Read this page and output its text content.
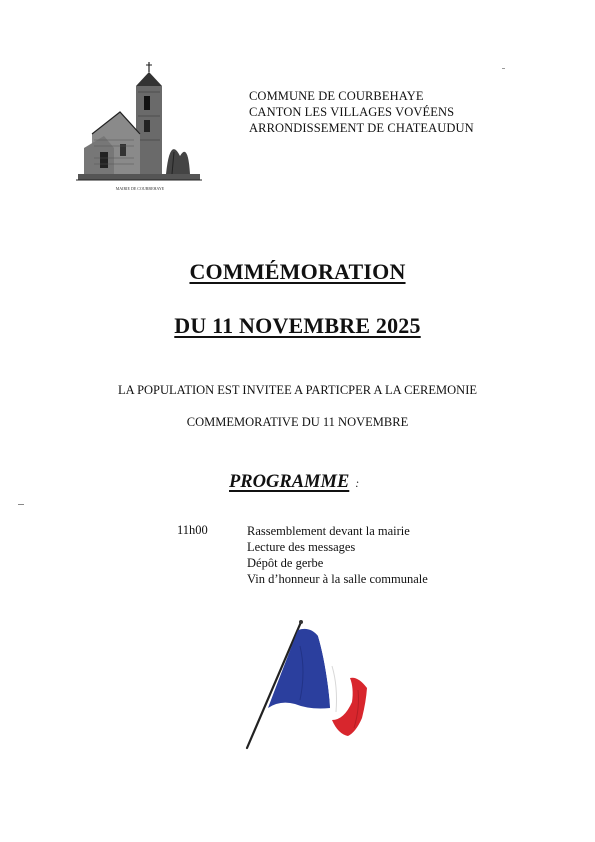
MAIRIE DE COURBEHAYE
COMMUNE DE COURBEHAYE
CANTON LES VILLAGES VOVÉENS
ARRONDISSEMENT DE CHATEAUDUN
COMMÉMORATION
DU 11 NOVEMBRE 2025
LA POPULATION EST INVITEE A PARTICPER A LA CEREMONIE
COMMEMORATIVE DU 11 NOVEMBRE
PROGRAMME :
11h00	Rassemblement devant la mairie
Lecture des messages
Dépôt de gerbe
Vin d’honneur à la salle communale
